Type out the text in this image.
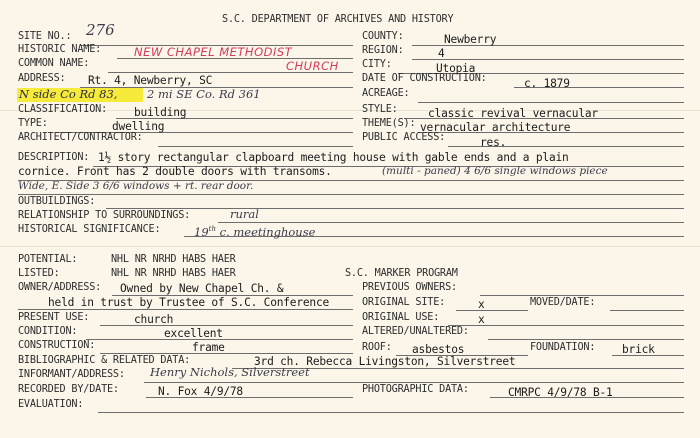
S.C. DEPARTMENT OF ARCHIVES AND HISTORY
SITE NO.: 276
HISTORIC NAME:	NEW CHAPEL METHODIST
COMMON NAME:	CHURCH
ADDRESS: Rt. 4, Newberry, SC
N side Co Rd 83,	2 mi SE Co. Rd 361
CLASSIFICATION: building
TYPE:	dwelling
ARCHITECT/CONTRACTOR:
COUNTY:	Newberry
REGION:	4
CITY:	Utopia
DATE OF CONSTRUCTION:	c. 1879
ACREAGE:
STYLE:	classic revival vernacular
THEME(S): vernacular architecture
PUBLIC ACCESS:	res.
DESCRIPTION: 1½ story rectangular clapboard meeting house with gable ends and a plain
cornice. Front has 2 double doors with transoms.	(multi - paned) 4 6/6 single windows piece
Wide, E. Side 3 6/6 windows + rt. rear door.
OUTBUILDINGS:
RELATIONSHIP TO SURROUNDINGS:	rural
HISTORICAL SIGNIFICANCE:	19th c. meetinghouse
POTENTIAL:	NHL NR NRHD HABS HAER
LISTED:	NHL NR NRHD HABS HAER	S.C. MARKER PROGRAM
OWNER/ADDRESS: Owned by New Chapel Ch. &
held in trust by Trustee of S.C. Conference
PREVIOUS OWNERS:
ORIGINAL SITE:	x	MOVED/DATE:
PRESENT USE:	church	ORIGINAL USE:	x
CONDITION:	excellent	ALTERED/UNALTERED:
CONSTRUCTION:	frame	ROOF: asbestos	FOUNDATION: brick
BIBLIOGRAPHIC & RELATED DATA:	3rd ch. Rebecca Livingston, Silverstreet
INFORMANT/ADDRESS: Henry Nichols, Silverstreet
RECORDED BY/DATE:	N. Fox 4/9/78	PHOTOGRAPHIC DATA:	CMRPC 4/9/78 B-1
EVALUATION:
